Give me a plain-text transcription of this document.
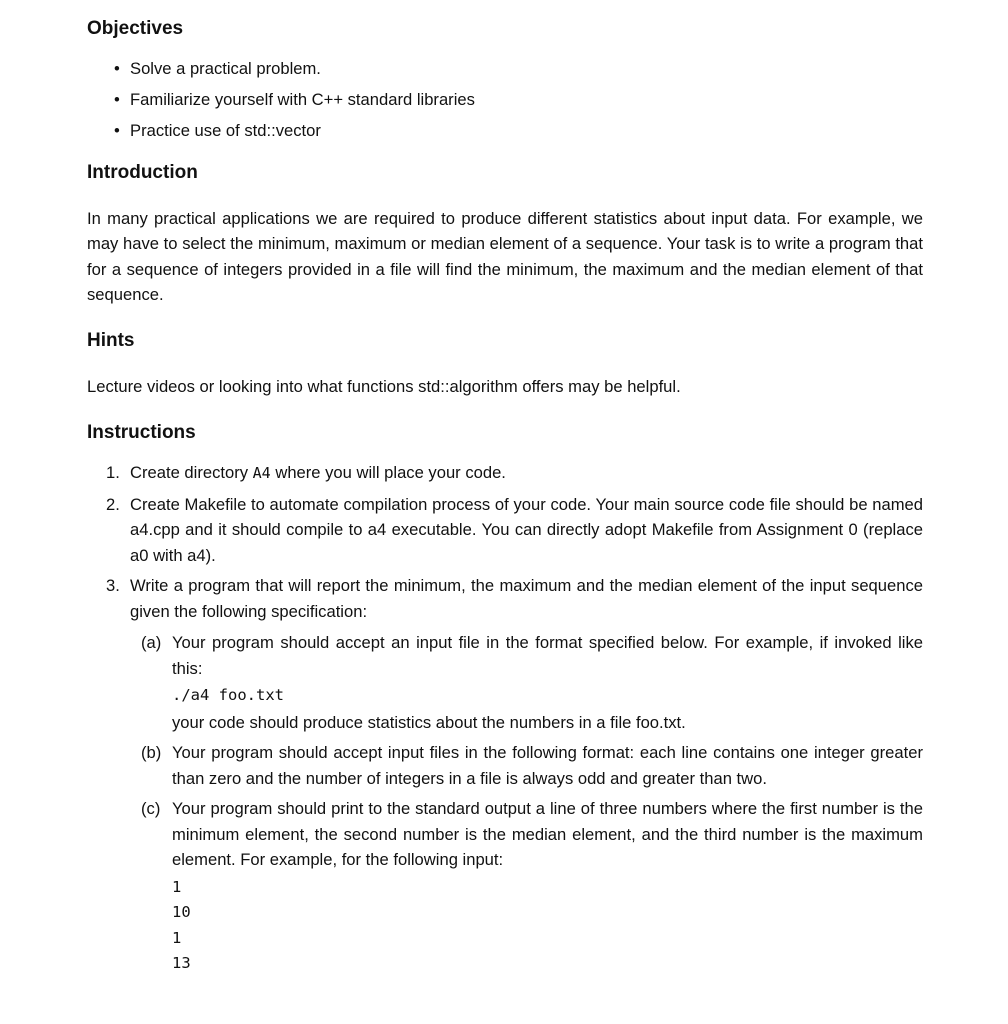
Objectives
• Solve a practical problem.
• Familiarize yourself with C++ standard libraries
• Practice use of std::vector
Introduction

In many practical applications we are required to produce different statistics about input data. For example, we may have to select the minimum, maximum or median element of a sequence. Your task is to write a program that for a sequence of integers provided in a file will find the minimum, the maximum and the median element of that sequence.

Hints

Lecture videos or looking into what functions std::algorithm offers may be helpful.

Instructions
1. Create directory A4 where you will place your code.
2. Create Makefile to automate compilation process of your code. Your main source code file should be named a4.cpp and it should compile to a4 executable. You can directly adopt Makefile from Assignment 0 (replace a0 with a4).
3. Write a program that will report the minimum, the maximum and the median element of the input sequence given the following specification:
(a) Your program should accept an input file in the format specified below. For example, if invoked like this:
./a4 foo.txt
your code should produce statistics about the numbers in a file foo.txt.
(b) Your program should accept input files in the following format: each line contains one integer greater than zero and the number of integers in a file is always odd and greater than two.
(c) Your program should print to the standard output a line of three numbers where the first number is the minimum element, the second number is the median element, and the third number is the maximum element. For example, for the following input:
1
10
1
13
